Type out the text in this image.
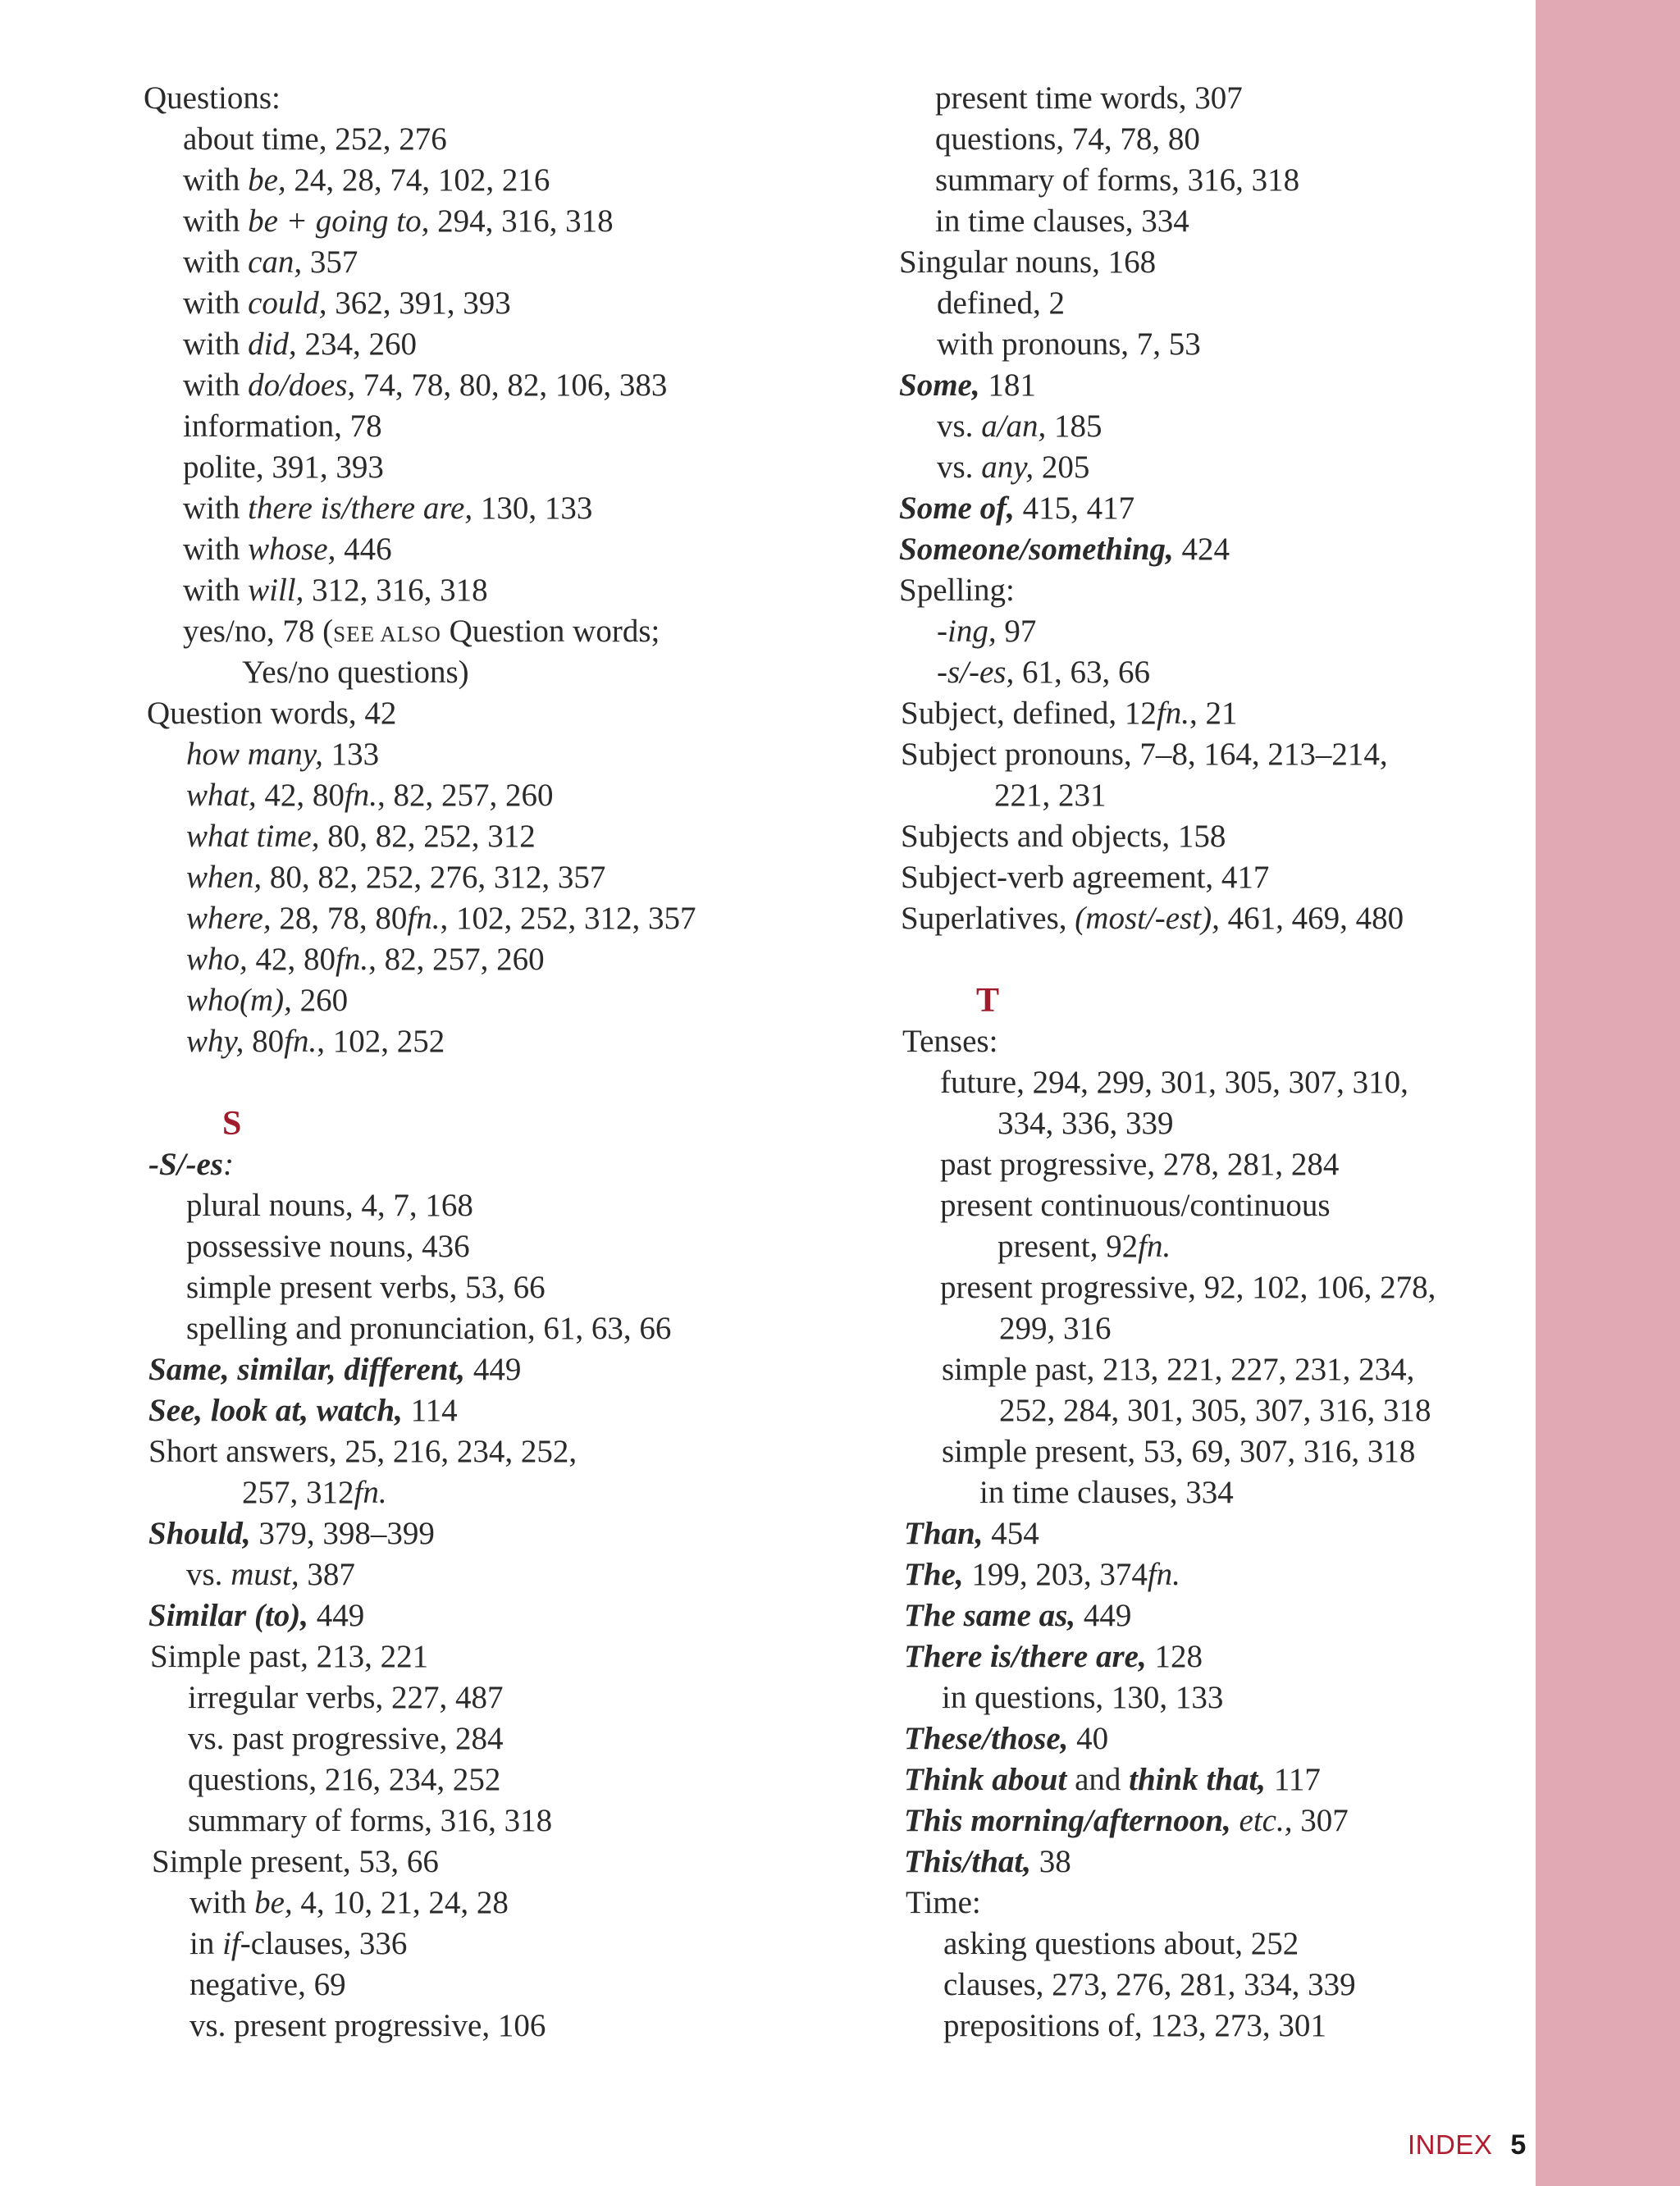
Questions:
about time, 252, 276
with be, 24, 28, 74, 102, 216
with be + going to, 294, 316, 318
with can, 357
with could, 362, 391, 393
with did, 234, 260
with do/does, 74, 78, 80, 82, 106, 383
information, 78
polite, 391, 393
with there is/there are, 130, 133
with whose, 446
with will, 312, 316, 318
yes/no, 78 (SEE ALSO Question words;
Yes/no questions)
Question words, 42
how many, 133
what, 42, 80fn., 82, 257, 260
what time, 80, 82, 252, 312
when, 80, 82, 252, 276, 312, 357
where, 28, 78, 80fn., 102, 252, 312, 357
who, 42, 80fn., 82, 257, 260
who(m), 260
why, 80fn., 102, 252
S
-S/-es:
plural nouns, 4, 7, 168
possessive nouns, 436
simple present verbs, 53, 66
spelling and pronunciation, 61, 63, 66
Same, similar, different, 449
See, look at, watch, 114
Short answers, 25, 216, 234, 252,
257, 312fn.
Should, 379, 398–399
vs. must, 387
Similar (to), 449
Simple past, 213, 221
irregular verbs, 227, 487
vs. past progressive, 284
questions, 216, 234, 252
summary of forms, 316, 318
Simple present, 53, 66
with be, 4, 10, 21, 24, 28
in if-clauses, 336
negative, 69
vs. present progressive, 106
present time words, 307
questions, 74, 78, 80
summary of forms, 316, 318
in time clauses, 334
Singular nouns, 168
defined, 2
with pronouns, 7, 53
Some, 181
vs. a/an, 185
vs. any, 205
Some of, 415, 417
Someone/something, 424
Spelling:
-ing, 97
-s/-es, 61, 63, 66
Subject, defined, 12fn., 21
Subject pronouns, 7–8, 164, 213–214,
221, 231
Subjects and objects, 158
Subject-verb agreement, 417
Superlatives, (most/-est), 461, 469, 480
T
Tenses:
future, 294, 299, 301, 305, 307, 310,
334, 336, 339
past progressive, 278, 281, 284
present continuous/continuous
present, 92fn.
present progressive, 92, 102, 106, 278,
299, 316
simple past, 213, 221, 227, 231, 234,
252, 284, 301, 305, 307, 316, 318
simple present, 53, 69, 307, 316, 318
in time clauses, 334
Than, 454
The, 199, 203, 374fn.
The same as, 449
There is/there are, 128
in questions, 130, 133
These/those, 40
Think about and think that, 117
This morning/afternoon, etc., 307
This/that, 38
Time:
asking questions about, 252
clauses, 273, 276, 281, 334, 339
prepositions of, 123, 273, 301
INDEX 5
